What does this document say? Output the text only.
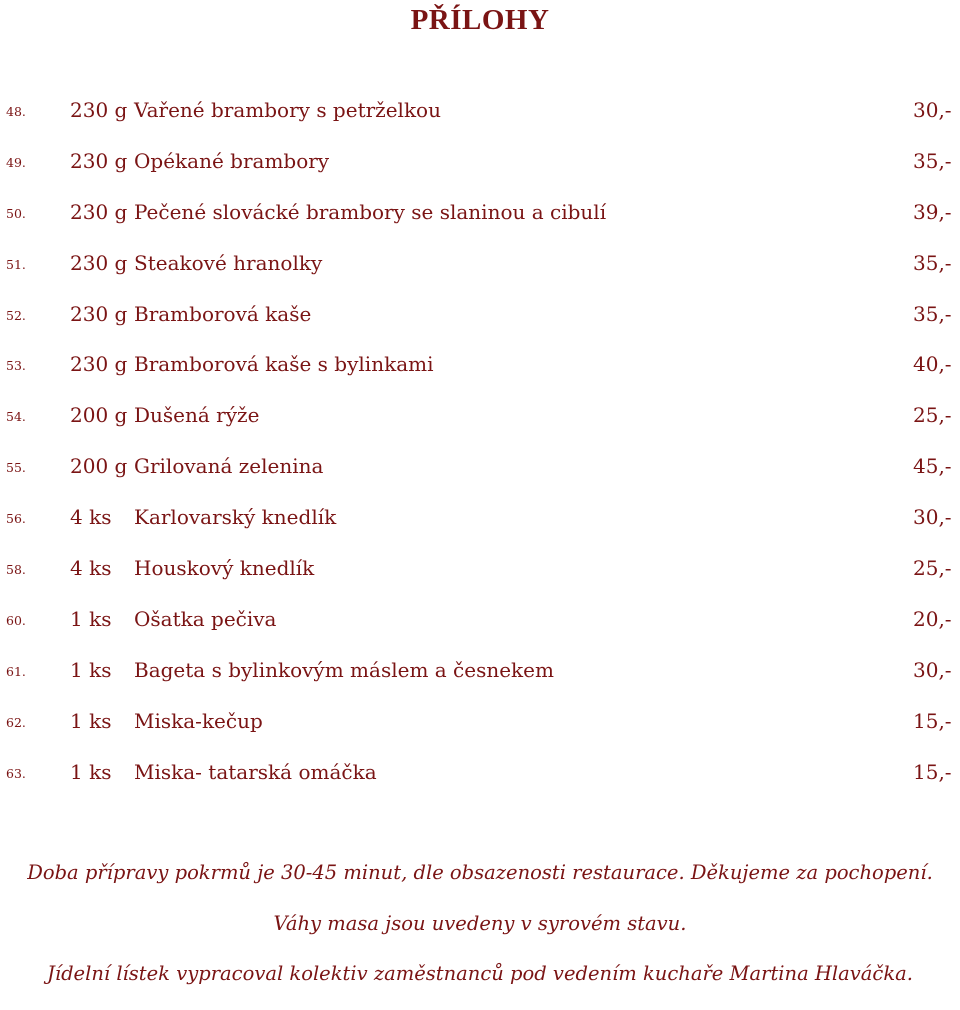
PŘÍLOHY
48. 230 g Vařené brambory s petrželkou	30,-
49. 230 g Opékané brambory	35,-
50. 230 g Pečené slovácké brambory se slaninou a cibulí	39,-
51. 230 g Steakové hranolky	35,-
52. 230 g Bramborová kaše	35,-
53. 230 g Bramborová kaše s bylinkami	40,-
54. 200 g Dušená rýže	25,-
55. 200 g Grilovaná zelenina	45,-
56. 4 ks Karlovarský knedlík	30,-
58. 4 ks Houskový knedlík	25,-
60. 1 ks Ošatka pečiva	20,-
61. 1 ks Bageta s bylinkovým máslem a česnekem	30,-
62. 1 ks Miska-kečup	15,-
63. 1 ks Miska- tatarská omáčka	15,-
Doba přípravy pokrmů je 30-45 minut, dle obsazenosti restaurace. Děkujeme za pochopení.
Váhy masa jsou uvedeny v syrovém stavu.
Jídelní lístek vypracoval kolektiv zaměstnanců pod vedením kuchaře Martina Hlaváčka.
